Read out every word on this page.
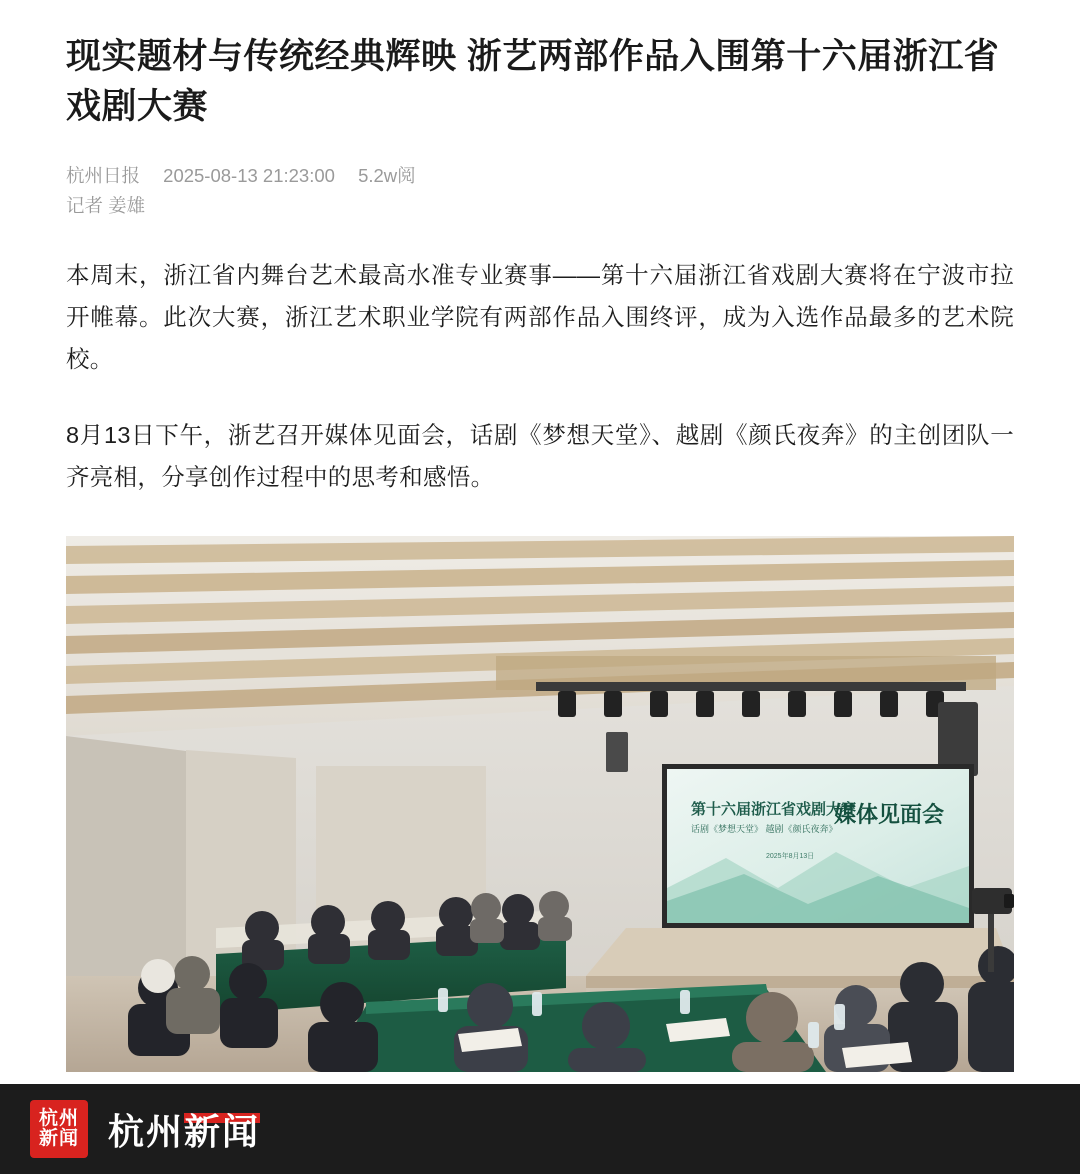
现实题材与传统经典辉映 浙艺两部作品入围第十六届浙江省戏剧大赛
杭州日报 2025-08-13 21:23:00 5.2w阅
记者 姜雄

本周末，浙江省内舞台艺术最高水准专业赛事——第十六届浙江省戏剧大赛将在宁波市拉开帷幕。此次大赛，浙江艺术职业学院有两部作品入围终评，成为入选作品最多的艺术院校。

8月13日下午，浙艺召开媒体见面会，话剧《梦想天堂》、越剧《颜氏夜奔》的主创团队一齐亮相，分享创作过程中的思考和感悟。

第十六届浙江省戏剧大赛
话剧《梦想天堂》 越剧《颜氏夜奔》
媒体见面会
2025年8月13日
杭州
新闻 杭州新闻
